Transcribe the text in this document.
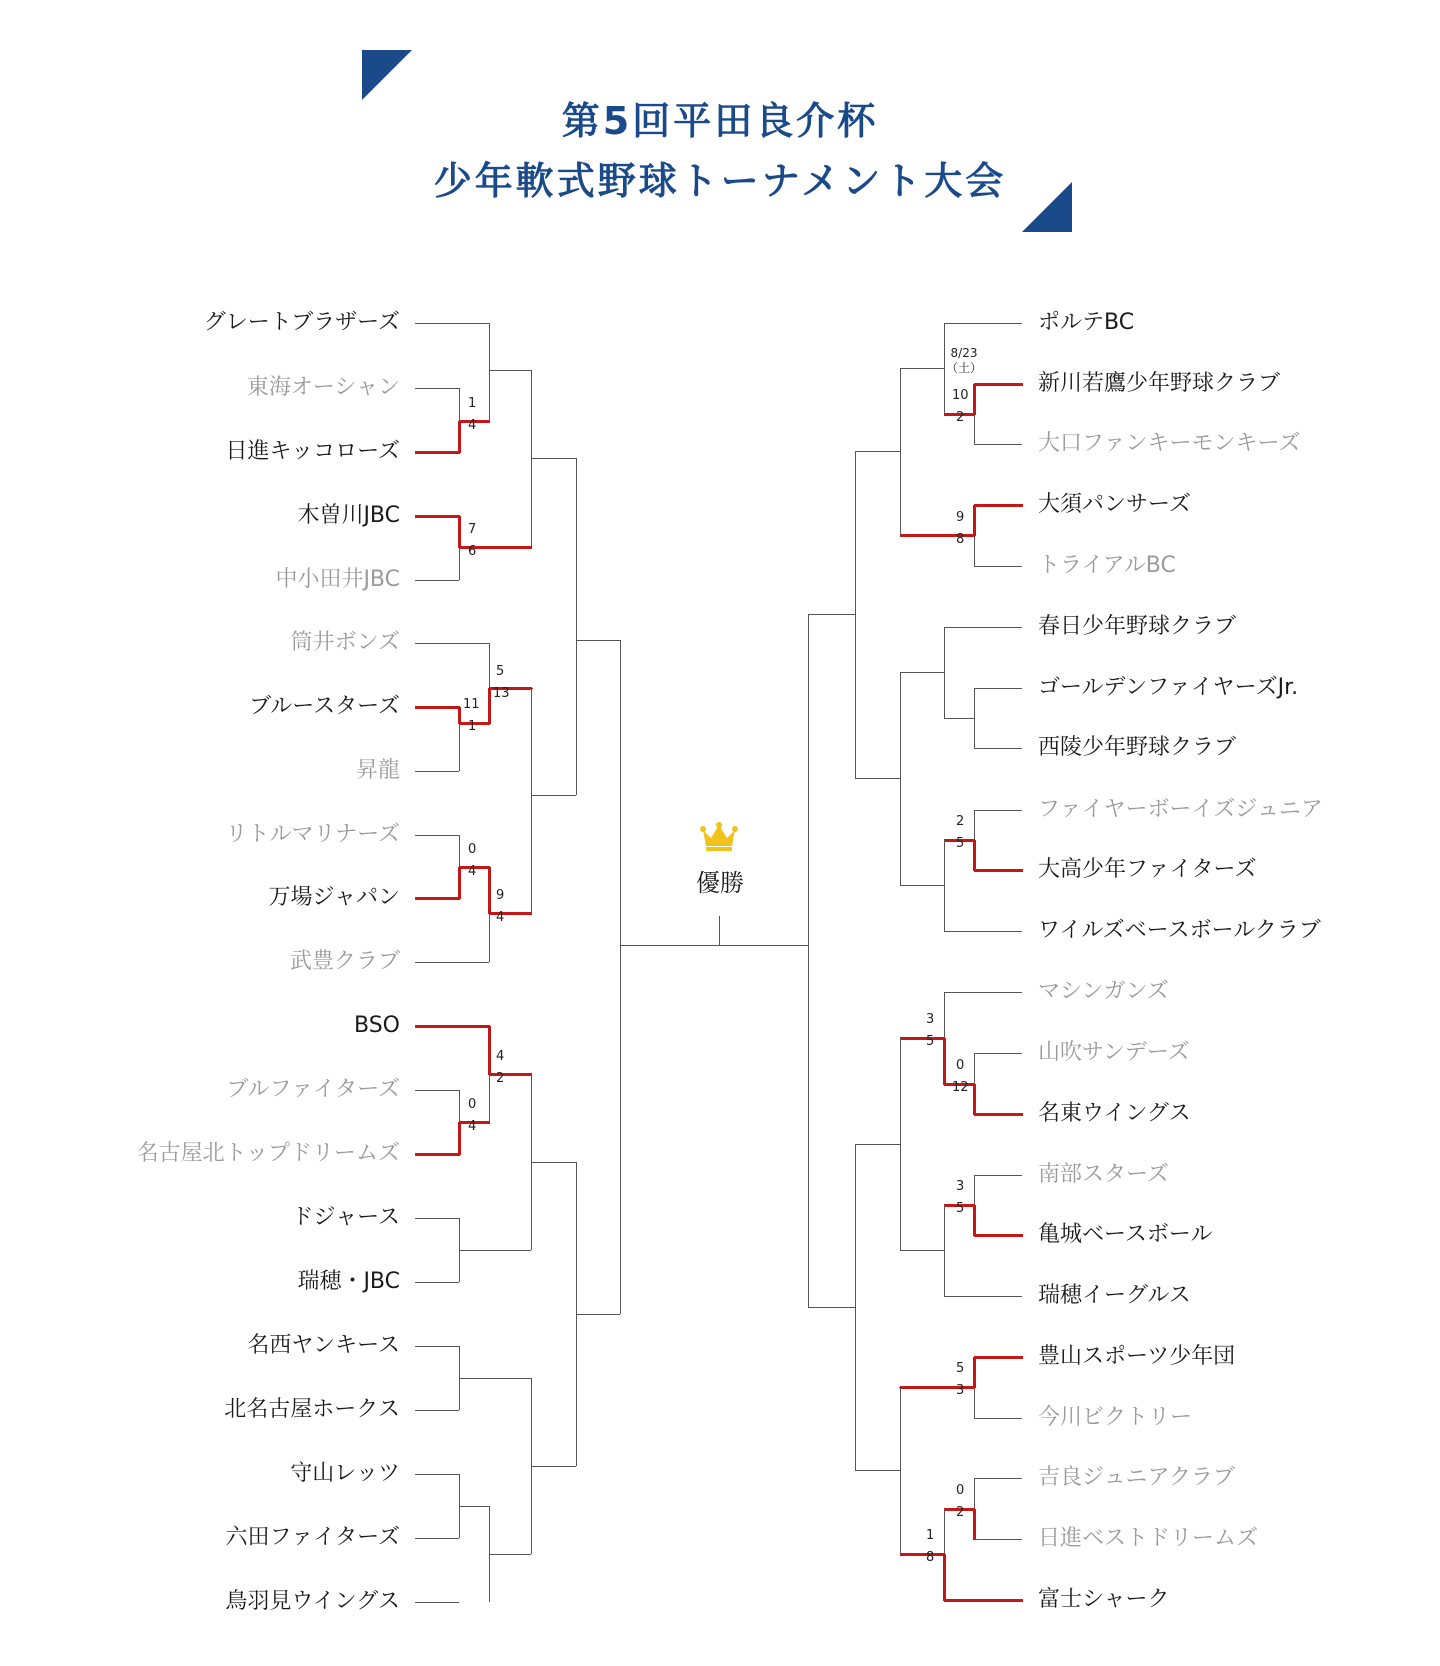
第5回平田良介杯
少年軟式野球トーナメント大会
優勝
8/23
（土）
グレートブラザーズ
東海オーシャン
日進キッコローズ
木曽川JBC
中小田井JBC
筒井ボンズ
ブルースターズ
昇龍
リトルマリナーズ
万場ジャパン
武豊クラブ
BSO
ブルファイターズ
名古屋北トップドリームズ
ドジャース
瑞穂・JBC
名西ヤンキース
北名古屋ホークス
守山レッツ
六田ファイターズ
鳥羽見ウイングス
ポルテBC
新川若鷹少年野球クラブ
大口ファンキーモンキーズ
大須パンサーズ
トライアルBC
春日少年野球クラブ
ゴールデンファイヤーズJr.
西陵少年野球クラブ
ファイヤーボーイズジュニア
大高少年ファイターズ
ワイルズベースボールクラブ
マシンガンズ
山吹サンデーズ
名東ウイングス
南部スターズ
亀城ベースボール
瑞穂イーグルス
豊山スポーツ少年団
今川ビクトリー
吉良ジュニアクラブ
日進ベストドリームズ
富士シャーク
1
4
7
6
11
1
5
13
0
4
9
4
0
4
4
2
10
2
9
8
2
5
0
12
3
5
3
5
5
3
0
2
1
8
